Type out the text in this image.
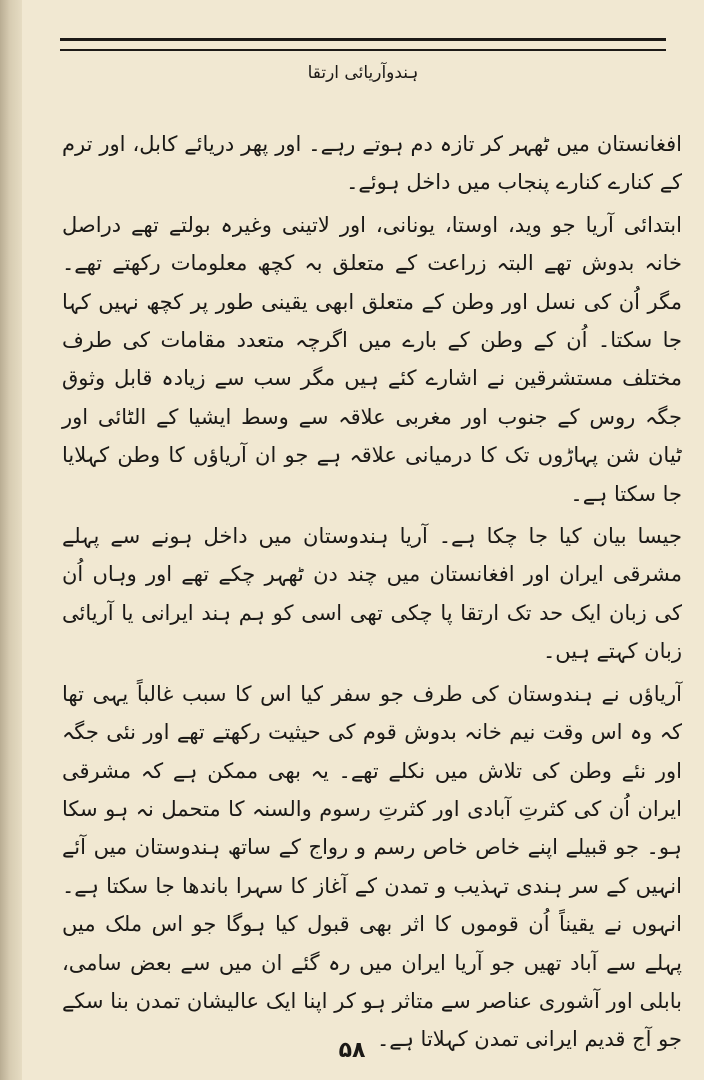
ہندوآریائی ارتقا

افغانستان میں ٹھہر کر تازہ دم ہوتے رہے۔ اور پھر دریائے کابل، اور ترم کے کنارے کنارے پنجاب میں داخل ہوئے۔

ابتدائی آریا جو وید، اوستا، یونانی، اور لاتینی وغیرہ بولتے تھے دراصل خانہ بدوش تھے البتہ زراعت کے متعلق بہ کچھ معلومات رکھتے تھے۔ مگر اُن کی نسل اور وطن کے متعلق ابھی یقینی طور پر کچھ نہیں کہا جا سکتا۔ اُن کے وطن کے بارے میں اگرچہ متعدد مقامات کی طرف مختلف مستشرقین نے اشارے کئے ہیں مگر سب سے زیادہ قابل وثوق جگہ روس کے جنوب اور مغربی علاقہ سے وسط ایشیا کے الٹائی اور ٹیان شن پہاڑوں تک کا درمیانی علاقہ ہے جو ان آریاؤں کا وطن کہلایا جا سکتا ہے۔

جیسا بیان کیا جا چکا ہے۔ آریا ہندوستان میں داخل ہونے سے پہلے مشرقی ایران اور افغانستان میں چند دن ٹھہر چکے تھے اور وہاں اُن کی زبان ایک حد تک ارتقا پا چکی تھی اسی کو ہم ہند ایرانی یا آریائی زبان کہتے ہیں۔

آریاؤں نے ہندوستان کی طرف جو سفر کیا اس کا سبب غالباً یہی تھا کہ وہ اس وقت نیم خانہ بدوش قوم کی حیثیت رکھتے تھے اور نئی جگہ اور نئے وطن کی تلاش میں نکلے تھے۔ یہ بھی ممکن ہے کہ مشرقی ایران اُن کی کثرتِ آبادی اور کثرتِ رسوم والسنہ کا متحمل نہ ہو سکا ہو۔ جو قبیلے اپنے خاص خاص رسم و رواج کے ساتھ ہندوستان میں آئے انہیں کے سر ہندی تہذیب و تمدن کے آغاز کا سہرا باندھا جا سکتا ہے۔ انہوں نے یقیناً اُن قوموں کا اثر بھی قبول کیا ہوگا جو اس ملک میں پہلے سے آباد تھیں جو آریا ایران میں رہ گئے ان میں سے بعض سامی، بابلی اور آشوری عناصر سے متاثر ہو کر اپنا ایک عالیشان تمدن بنا سکے جو آج قدیم ایرانی تمدن کہلاتا ہے۔

۵۸
